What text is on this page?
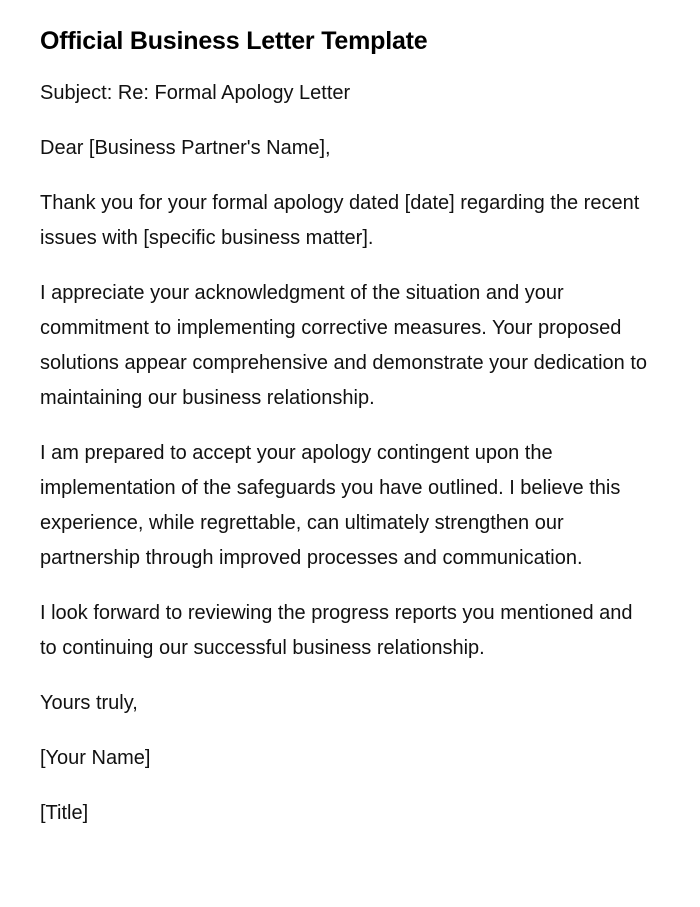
Official Business Letter Template

Subject: Re: Formal Apology Letter

Dear [Business Partner's Name],

Thank you for your formal apology dated [date] regarding the recent issues with [specific business matter].

I appreciate your acknowledgment of the situation and your commitment to implementing corrective measures. Your proposed solutions appear comprehensive and demonstrate your dedication to maintaining our business relationship.

I am prepared to accept your apology contingent upon the implementation of the safeguards you have outlined. I believe this experience, while regrettable, can ultimately strengthen our partnership through improved processes and communication.

I look forward to reviewing the progress reports you mentioned and to continuing our successful business relationship.

Yours truly,

[Your Name]

[Title]
